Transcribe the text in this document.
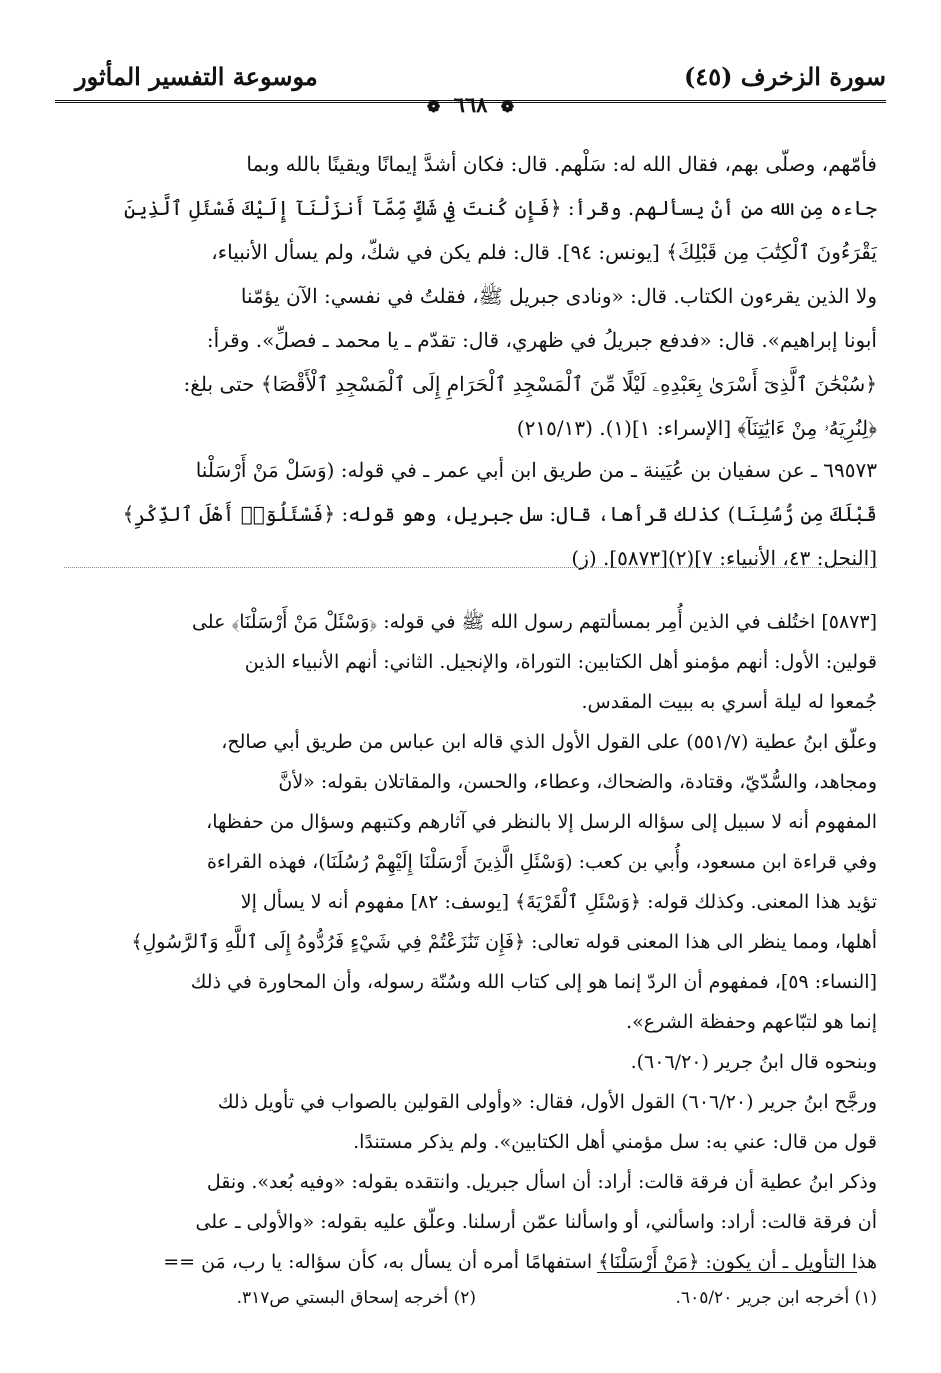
موسوعة التفسير المأثور	سورة الزخرف (٤٥)
❁ ٦٦٨ ❁
فأمّهم، وصلّى بهم، فقال الله له: سَلْهم. قال: فكان أشدَّ إيمانًا ويقينًا بالله وبما
جاءه مِن الله من أنْ يسألهم. وقرأ: ﴿فَإِن كُنتَ فِي شَكٍّ مِّمَّآ أَنزَلْنَآ إِلَيْكَ فَسْئَلِ ٱلَّذِينَ
يَقْرَءُونَ ٱلْكِتَٰبَ مِن قَبْلِكَ﴾ [يونس: ٩٤]. قال: فلم يكن في شكّ، ولم يسأل الأنبياء،
ولا الذين يقرءون الكتاب. قال: «ونادى جبريل ﷺ، فقلتُ في نفسي: الآن يؤمّنا
أبونا إبراهيم». قال: «فدفع جبريلُ في ظهري، قال: تقدّم ـ يا محمد ـ فصلِّ». وقرأ:
﴿سُبْحَٰنَ ٱلَّذِىٓ أَسْرَىٰ بِعَبْدِهِۦ لَيْلًا مِّنَ ٱلْمَسْجِدِ ٱلْحَرَامِ إِلَى ٱلْمَسْجِدِ ٱلْأَقْصَا﴾ حتى بلغ:
﴿لِنُرِيَهُۥ مِنْ ءَايَٰتِنَآ﴾ [الإسراء: ١](١). (٢١٥/١٣)
٦٩٥٧٣ ـ عن سفيان بن عُيَينة ـ من طريق ابن أبي عمر ـ في قوله: (وَسَلْ مَنْ أَرْسَلْنا
قَبْلَكَ مِن رُّسُلِنَا) كذلك قرأها، قال: سل جبريل، وهو قوله: ﴿فَسْئَلُوٓا۟ أَهْلَ ٱلذِّكْرِ﴾
[النحل: ٤٣، الأنبياء: ٧](٢)[٥٨٧٣]. (ز)
[٥٨٧٣] اختُلف في الذين أُمِر بمسألتهم رسول الله ﷺ في قوله: ﴿وَسْئَلْ مَنْ أَرْسَلْنَا﴾ على
قولين: الأول: أنهم مؤمنو أهل الكتابين: التوراة، والإنجيل. الثاني: أنهم الأنبياء الذين
جُمعوا له ليلة أسري به ببيت المقدس.
وعلّق ابنُ عطية (٥٥١/٧) على القول الأول الذي قاله ابن عباس من طريق أبي صالح،
ومجاهد، والسُّدّيّ، وقتادة، والضحاك، وعطاء، والحسن، والمقاتلان بقوله: «لأنَّ
المفهوم أنه لا سبيل إلى سؤاله الرسل إلا بالنظر في آثارهم وكتبهم وسؤال من حفظها،
وفي قراءة ابن مسعود، وأُبي بن كعب: (وَسْئَلِ الَّذِينَ أَرْسَلْنَا إِلَيْهِمْ رُسُلَنَا)، فهذه القراءة
تؤيد هذا المعنى. وكذلك قوله: ﴿وَسْئَلِ ٱلْقَرْيَةَ﴾ [يوسف: ٨٢] مفهوم أنه لا يسأل إلا
أهلها، ومما ينظر الى هذا المعنى قوله تعالى: ﴿فَإِن تَنَٰزَعْتُمْ فِي شَيْءٍ فَرُدُّوهُ إِلَى ٱللَّهِ وَٱلرَّسُولِ﴾
[النساء: ٥٩]، فمفهوم أن الردّ إنما هو إلى كتاب الله وسُنّة رسوله، وأن المحاورة في ذلك
إنما هو لتبّاعهم وحفظة الشرع».
وبنحوه قال ابنُ جرير (٦٠٦/٢٠).
ورجَّح ابنُ جرير (٦٠٦/٢٠) القول الأول، فقال: «وأولى القولين بالصواب في تأويل ذلك
قول من قال: عني به: سل مؤمني أهل الكتابين». ولم يذكر مستندًا.
وذكر ابنُ عطية أن فرقة قالت: أراد: أن اسأل جبريل. وانتقده بقوله: «وفيه بُعد». ونقل
أن فرقة قالت: أراد: واسألني، أو واسألنا عمّن أرسلنا. وعلّق عليه بقوله: «والأولى ـ على
هذا التأويل ـ أن يكون: ﴿مَنْ أَرْسَلْنَا﴾ استفهامًا أمره أن يسأل به، كأن سؤاله: يا رب، مَن ==
(١) أخرجه ابن جرير ٦٠٥/٢٠.
(٢) أخرجه إسحاق البستي ص٣١٧.
